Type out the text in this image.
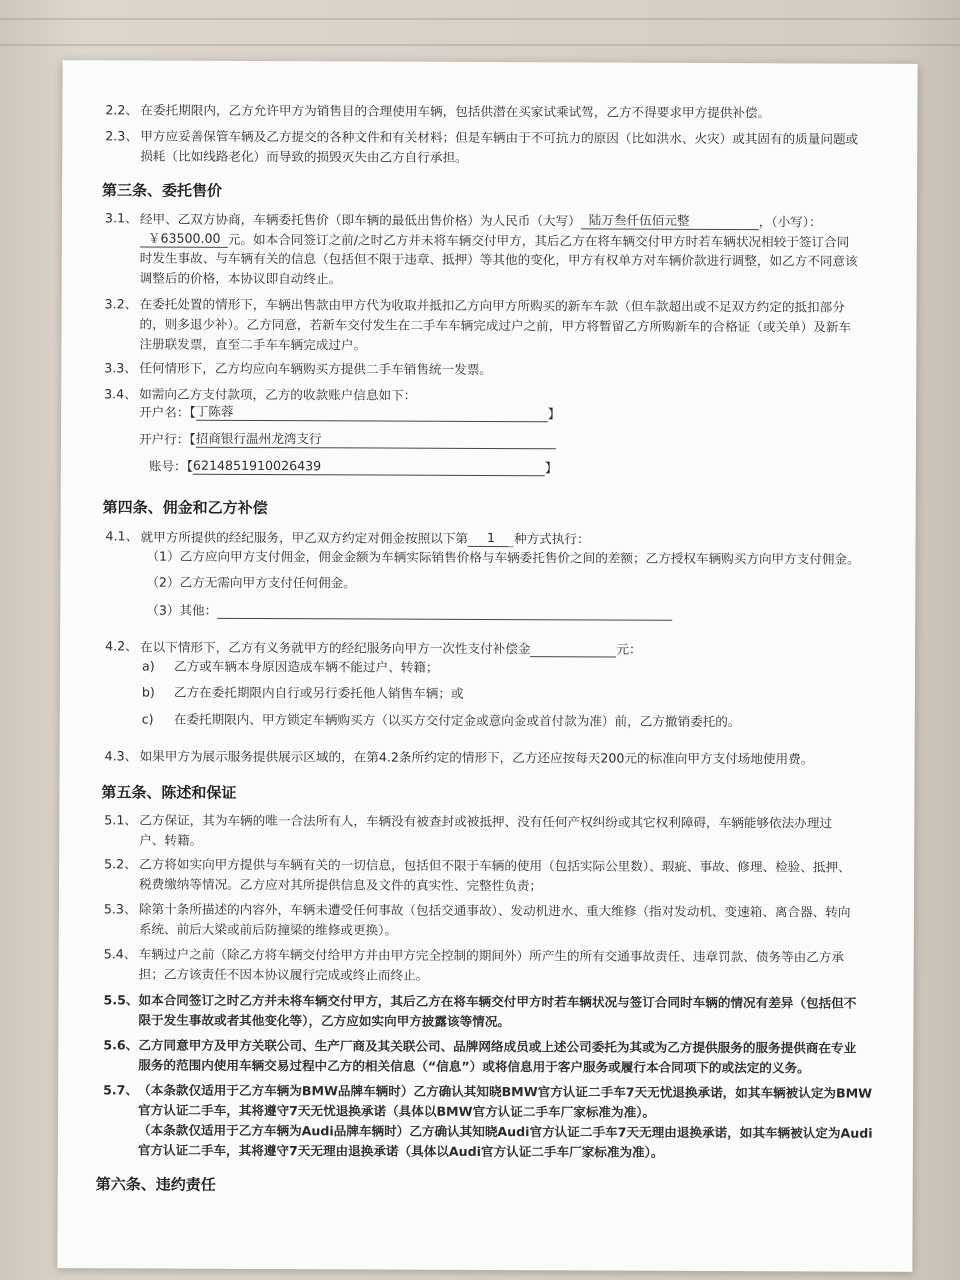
2.2、 在委托期限内，乙方允许甲方为销售目的合理使用车辆，包括供潜在买家试乘试驾，乙方不得要求甲方提供补偿。
2.3、 甲方应妥善保管车辆及乙方提交的各种文件和有关材料；但是车辆由于不可抗力的原因（比如洪水、火灾）或其固有的质量问题或
损耗（比如线路老化）而导致的损毁灭失由乙方自行承担。
第三条、委托售价
3.1、 经甲、乙双方协商，车辆委托售价（即车辆的最低出售价格）为人民币（大写） 陆万叁仟伍佰元整	，（小写）：
￥63500.00 元。如本合同签订之前/之时乙方并未将车辆交付甲方，其后乙方在将车辆交付甲方时若车辆状况相较于签订合同
时发生事故、与车辆有关的信息（包括但不限于违章、抵押）等其他的变化，甲方有权单方对车辆价款进行调整，如乙方不同意该
调整后的价格，本协议即自动终止。
3.2、 在委托处置的情形下，车辆出售款由甲方代为收取并抵扣乙方向甲方所购买的新车车款（但车款超出或不足双方约定的抵扣部分
的，则多退少补）。乙方同意，若新车交付发生在二手车车辆完成过户之前，甲方将暂留乙方所购新车的合格证（或关单）及新车
注册联发票，直至二手车车辆完成过户。
3.3、 任何情形下，乙方均应向车辆购买方提供二手车销售统一发票。
3.4、 如需向乙方支付款项，乙方的收款账户信息如下：
开户名：【丁陈蓉	】
开户行：【招商银行温州龙湾支行
账号：【6214851910026439	】
第四条、佣金和乙方补偿
4.1、 就甲方所提供的经纪服务，甲乙双方约定对佣金按照以下第 1 种方式执行：
（1）乙方应向甲方支付佣金，佣金金额为车辆实际销售价格与车辆委托售价之间的差额；乙方授权车辆购买方向甲方支付佣金。
（2）乙方无需向甲方支付任何佣金。
（3）其他：
4.2、 在以下情形下，乙方有义务就甲方的经纪服务向甲方一次性支付补偿金	元：
a) 乙方或车辆本身原因造成车辆不能过户、转籍；
b) 乙方在委托期限内自行或另行委托他人销售车辆；或
c) 在委托期限内、甲方锁定车辆购买方（以买方交付定金或意向金或首付款为准）前，乙方撤销委托的。
4.3、 如果甲方为展示服务提供展示区域的，在第4.2条所约定的情形下，乙方还应按每天200元的标准向甲方支付场地使用费。
第五条、陈述和保证
5.1、 乙方保证，其为车辆的唯一合法所有人，车辆没有被查封或被抵押、没有任何产权纠纷或其它权利障碍，车辆能够依法办理过
户、转籍。
5.2、 乙方将如实向甲方提供与车辆有关的一切信息，包括但不限于车辆的使用（包括实际公里数）、瑕疵、事故、修理、检验、抵押、
税费缴纳等情况。乙方应对其所提供信息及文件的真实性、完整性负责；
5.3、 除第十条所描述的内容外，车辆未遭受任何事故（包括交通事故）、发动机进水、重大维修（指对发动机、变速箱、离合器、转向
系统、前后大梁或前后防撞梁的维修或更换）。
5.4、 车辆过户之前（除乙方将车辆交付给甲方并由甲方完全控制的期间外）所产生的所有交通事故责任、违章罚款、债务等由乙方承
担；乙方该责任不因本协议履行完成或终止而终止。
5.5、 如本合同签订之时乙方并未将车辆交付甲方，其后乙方在将车辆交付甲方时若车辆状况与签订合同时车辆的情况有差异（包括但不
限于发生事故或者其他变化等），乙方应如实向甲方披露该等情况。
5.6、 乙方同意甲方及甲方关联公司、生产厂商及其关联公司、品牌网络成员或上述公司委托为其或为乙方提供服务的服务提供商在专业
服务的范围内使用车辆交易过程中乙方的相关信息（“信息”）或将信息用于客户服务或履行本合同项下的或法定的义务。
5.7、 （本条款仅适用于乙方车辆为BMW品牌车辆时）乙方确认其知晓BMW官方认证二手车7天无忧退换承诺，如其车辆被认定为BMW
官方认证二手车，其将遵守7天无忧退换承诺（具体以BMW官方认证二手车厂家标准为准）。
（本条款仅适用于乙方车辆为Audi品牌车辆时）乙方确认其知晓Audi官方认证二手车7天无理由退换承诺，如其车辆被认定为Audi
官方认证二手车，其将遵守7天无理由退换承诺（具体以Audi官方认证二手车厂家标准为准）。
第六条、违约责任
